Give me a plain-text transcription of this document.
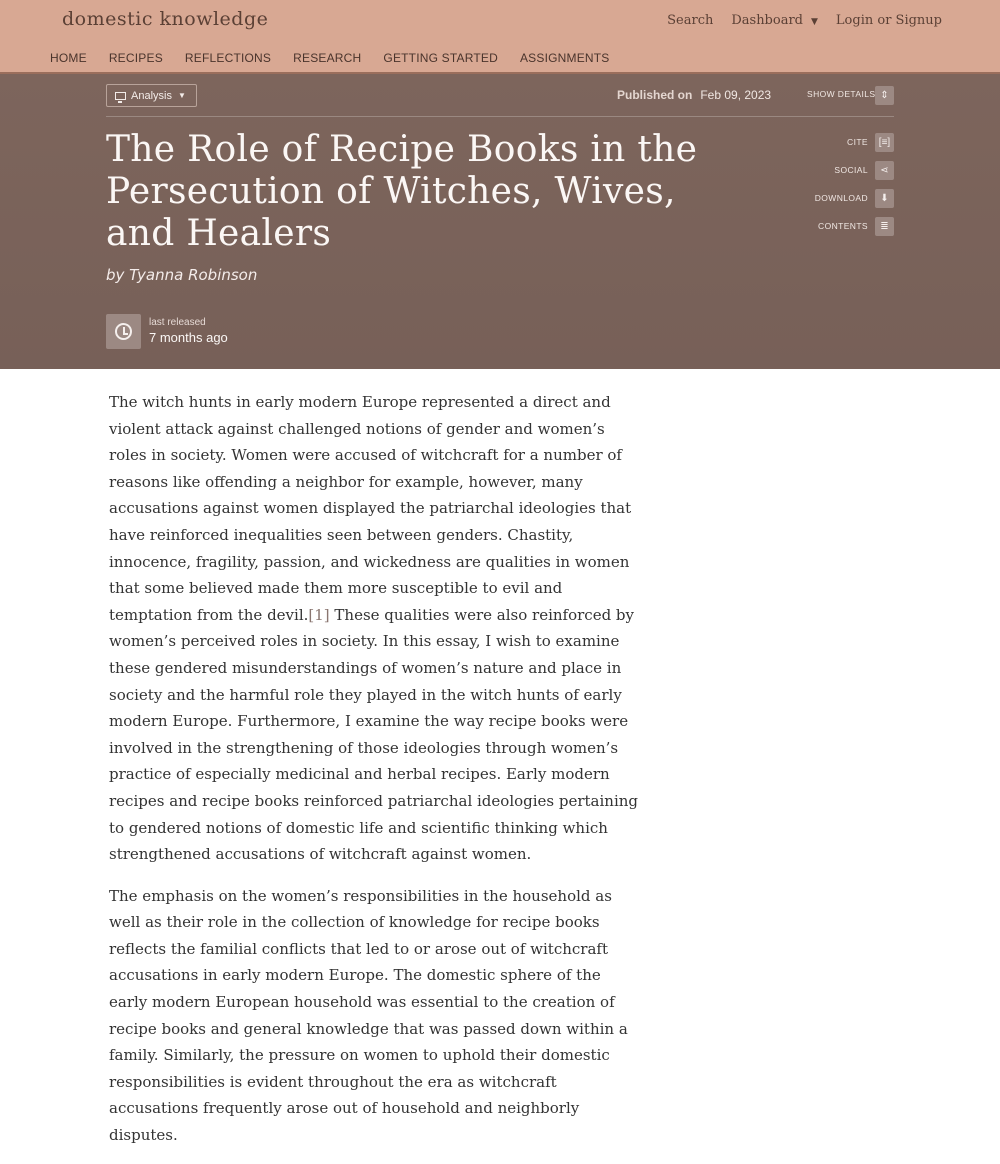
domestic knowledge	Search Dashboard ▼ Login or Signup
HOME RECIPES REFLECTIONS RESEARCH GETTING STARTED ASSIGNMENTS
Analysis ▼	Published on Feb 09, 2023	SHOW DETAILS ⇕
The Role of Recipe Books in the Persecution of Witches, Wives, and Healers
by Tyanna Robinson
CITE	[≡]
SOCIAL	⋖
DOWNLOAD	⬇
CONTENTS	≣
last released
7 months ago

The witch hunts in early modern Europe represented a direct and violent attack against challenged notions of gender and women’s roles in society. Women were accused of witchcraft for a number of reasons like offending a neighbor for example, however, many accusations against women displayed the patriarchal ideologies that have reinforced inequalities seen between genders. Chastity, innocence, fragility, passion, and wickedness are qualities in women that some believed made them more susceptible to evil and temptation from the devil.[1] These qualities were also reinforced by women’s perceived roles in society. In this essay, I wish to examine these gendered misunderstandings of women’s nature and place in society and the harmful role they played in the witch hunts of early modern Europe. Furthermore, I examine the way recipe books were involved in the strengthening of those ideologies through women’s practice of especially medicinal and herbal recipes. Early modern recipes and recipe books reinforced patriarchal ideologies pertaining to gendered notions of domestic life and scientific thinking which strengthened accusations of witchcraft against women.

The emphasis on the women’s responsibilities in the household as well as their role in the collection of knowledge for recipe books reflects the familial conflicts that led to or arose out of witchcraft accusations in early modern Europe. The domestic sphere of the early modern European household was essential to the creation of recipe books and general knowledge that was passed down within a family. Similarly, the pressure on women to uphold their domestic responsibilities is evident throughout the era as witchcraft accusations frequently arose out of household and neighborly disputes.
